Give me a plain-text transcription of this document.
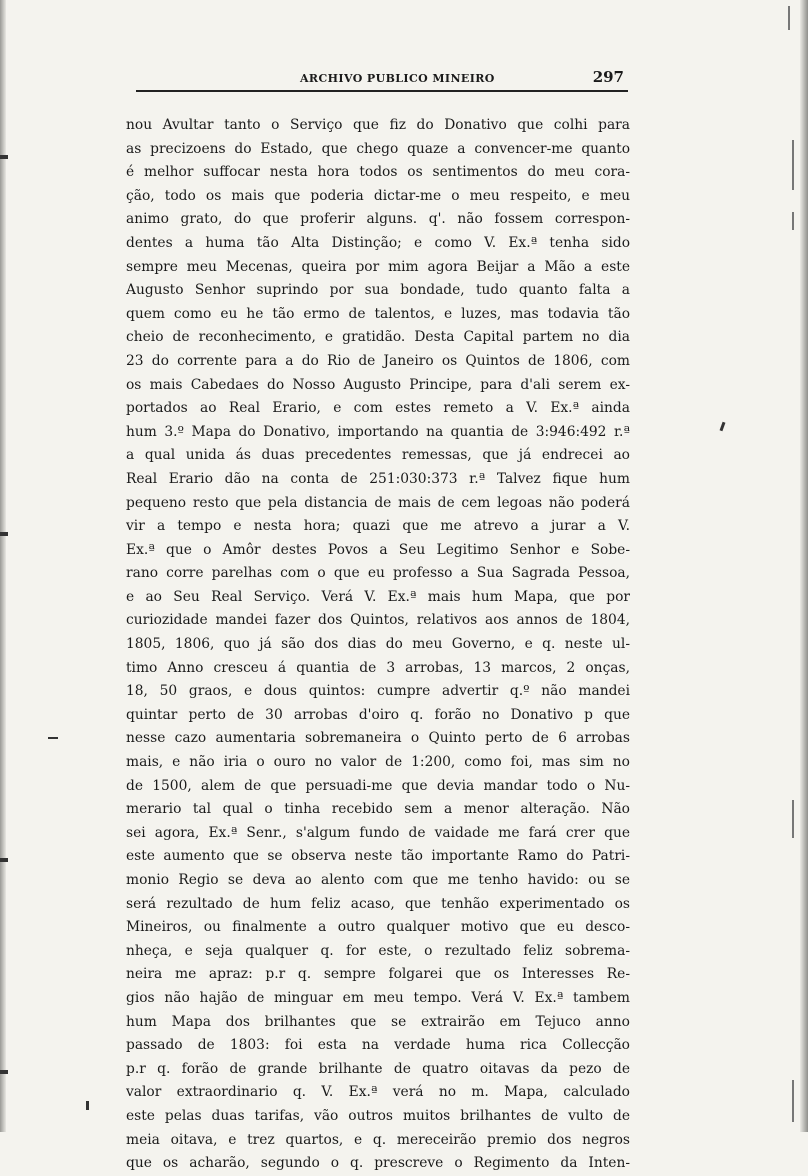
ARCHIVO PUBLICO MINEIRO	297
nou Avultar tanto o Serviço que fiz do Donativo que colhi para
as precizoens do Estado, que chego quaze a convencer-me quanto
é melhor suffocar nesta hora todos os sentimentos do meu cora-
ção, todo os mais que poderia dictar-me o meu respeito, e meu
animo grato, do que proferir alguns. q'. não fossem correspon-
dentes a huma tão Alta Distinção; e como V. Ex.ª tenha sido
sempre meu Mecenas, queira por mim agora Beijar a Mão a este
Augusto Senhor suprindo por sua bondade, tudo quanto falta a
quem como eu he tão ermo de talentos, e luzes, mas todavia tão
cheio de reconhecimento, e gratidão. Desta Capital partem no dia
23 do corrente para a do Rio de Janeiro os Quintos de 1806, com
os mais Cabedaes do Nosso Augusto Principe, para d'ali serem ex-
portados ao Real Erario, e com estes remeto a V. Ex.ª ainda
hum 3.º Mapa do Donativo, importando na quantia de 3:946:492 r.ª
a qual unida ás duas precedentes remessas, que já endrecei ao
Real Erario dão na conta de 251:030:373 r.ª Talvez fique hum
pequeno resto que pela distancia de mais de cem legoas não poderá
vir a tempo e nesta hora; quazi que me atrevo a jurar a V.
Ex.ª que o Amôr destes Povos a Seu Legitimo Senhor e Sobe-
rano corre parelhas com o que eu professo a Sua Sagrada Pessoa,
e ao Seu Real Serviço. Verá V. Ex.ª mais hum Mapa, que por
curiozidade mandei fazer dos Quintos, relativos aos annos de 1804,
1805, 1806, quo já são dos dias do meu Governo, e q. neste ul-
timo Anno cresceu á quantia de 3 arrobas, 13 marcos, 2 onças,
18, 50 graos, e dous quintos: cumpre advertir q.º não mandei
quintar perto de 30 arrobas d'oiro q. forão no Donativo p que
nesse cazo aumentaria sobremaneira o Quinto perto de 6 arrobas
mais, e não iria o ouro no valor de 1:200, como foi, mas sim no
de 1500, alem de que persuadi-me que devia mandar todo o Nu-
merario tal qual o tinha recebido sem a menor alteração. Não
sei agora, Ex.ª Senr., s'algum fundo de vaidade me fará crer que
este aumento que se observa neste tão importante Ramo do Patri-
monio Regio se deva ao alento com que me tenho havido: ou se
será rezultado de hum feliz acaso, que tenhão experimentado os
Mineiros, ou finalmente a outro qualquer motivo que eu desco-
nheça, e seja qualquer q. for este, o rezultado feliz sobrema-
neira me apraz: p.r q. sempre folgarei que os Interesses Re-
gios não hajão de minguar em meu tempo. Verá V. Ex.ª tambem
hum Mapa dos brilhantes que se extrairão em Tejuco anno
passado de 1803: foi esta na verdade huma rica Collecção
p.r q. forão de grande brilhante de quatro oitavas da pezo de
valor extraordinario q. V. Ex.ª verá no m. Mapa, calculado
este pelas duas tarifas, vão outros muitos brilhantes de vulto de
meia oitava, e trez quartos, e q. mereceirão premio dos negros
que os acharão, segundo o q. prescreve o Regimento da Inten-
